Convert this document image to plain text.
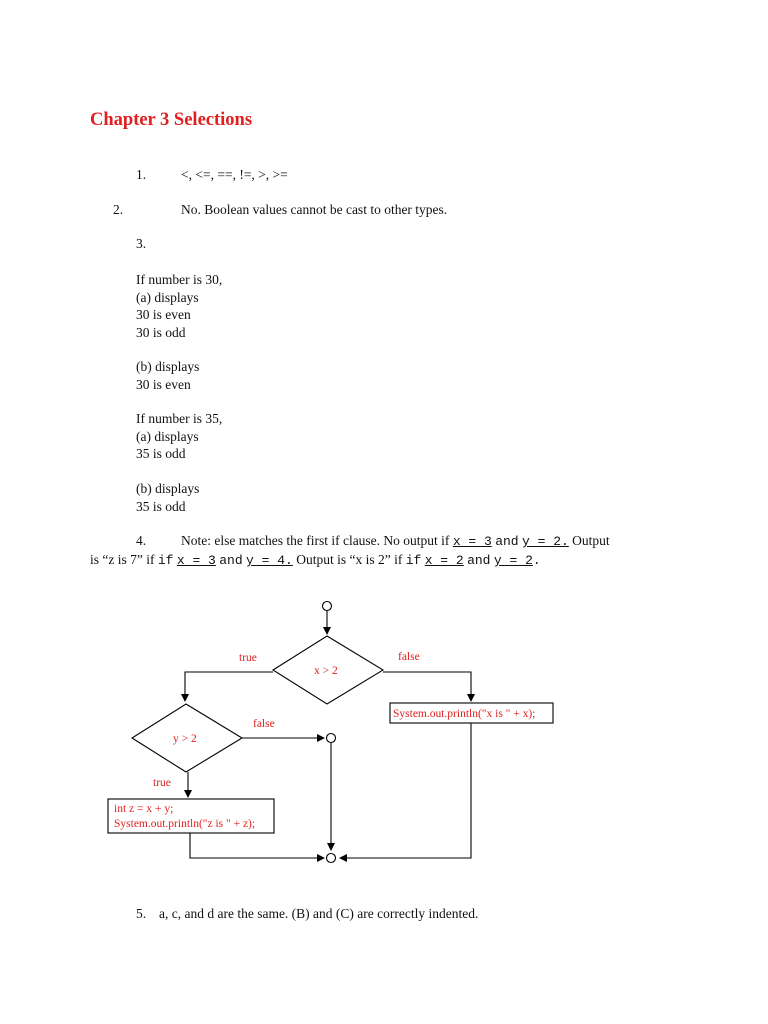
Chapter 3 Selections
1.	<, <=, ==, !=, >, >=
2.	No. Boolean values cannot be cast to other types.
3.
If number is 30,
(a) displays
30 is even
30 is odd
(b) displays
30 is even
If number is 35,
(a) displays
35 is odd
(b) displays
35 is odd
4.	Note: else matches the first if clause. No output if x = 3 and y = 2. Output
is “z is 7” if if x = 3 and y = 4. Output is “x is 2” if if x = 2 and y = 2.
x > 2
y > 2
true	false
false
true
System.out.println("x is " + x);
int z = x + y;
System.out.println("z is " + z);
5. a, c, and d are the same. (B) and (C) are correctly indented.
